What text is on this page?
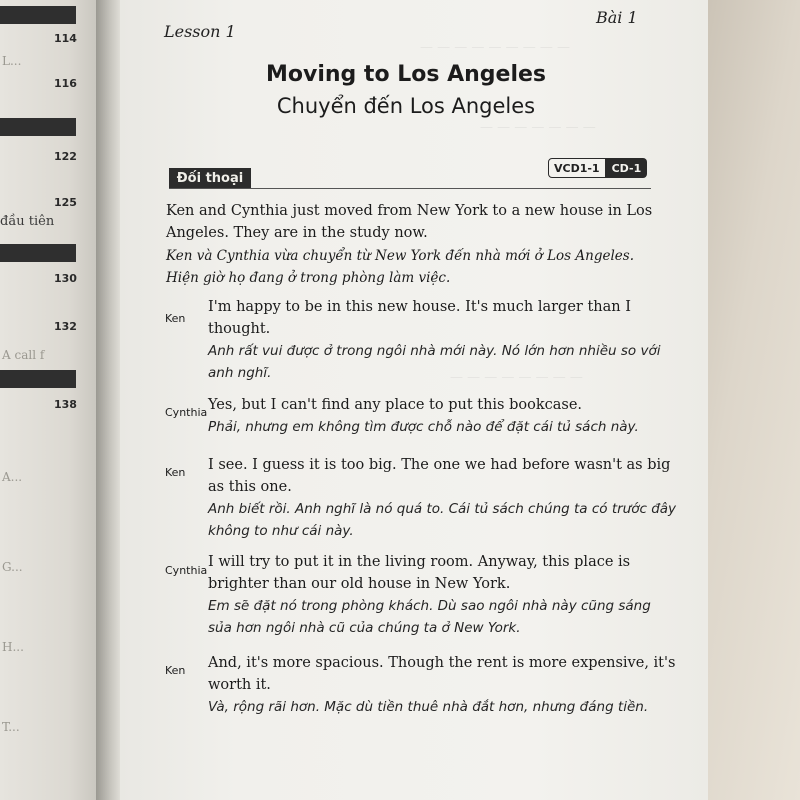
114
L...
116
122
125
đầu tiên
130
132
A call f
138
A...
G...
H...
T...
— — — — — — — — —
— — — — — — —
— — — — — — — —
Lesson 1
Bài 1
Moving to Los Angeles
Chuyển đến Los Angeles
Đối thoại
VCD1-1	CD-1
Ken and Cynthia just moved from New York to a new house in Los Angeles. They are in the study now.
Ken và Cynthia vừa chuyển từ New York đến nhà mới ở Los Angeles. Hiện giờ họ đang ở trong phòng làm việc.
Ken
I'm happy to be in this new house. It's much larger than I thought.
Anh rất vui được ở trong ngôi nhà mới này. Nó lớn hơn nhiều so với anh nghĩ.
Cynthia Yes, but I can't find any place to put this bookcase.
Phải, nhưng em không tìm được chỗ nào để đặt cái tủ sách này.
Ken I see. I guess it is too big. The one we had before wasn't as big as this one.
Anh biết rồi. Anh nghĩ là nó quá to. Cái tủ sách chúng ta có trước đây không to như cái này.
Cynthia
I will try to put it in the living room. Anyway, this place is brighter than our old house in New York.
Em sẽ đặt nó trong phòng khách. Dù sao ngôi nhà này cũng sáng sủa hơn ngôi nhà cũ của chúng ta ở New York.
Ken And, it's more spacious. Though the rent is more expensive, it's worth it.
Và, rộng rãi hơn. Mặc dù tiền thuê nhà đắt hơn, nhưng đáng tiền.
